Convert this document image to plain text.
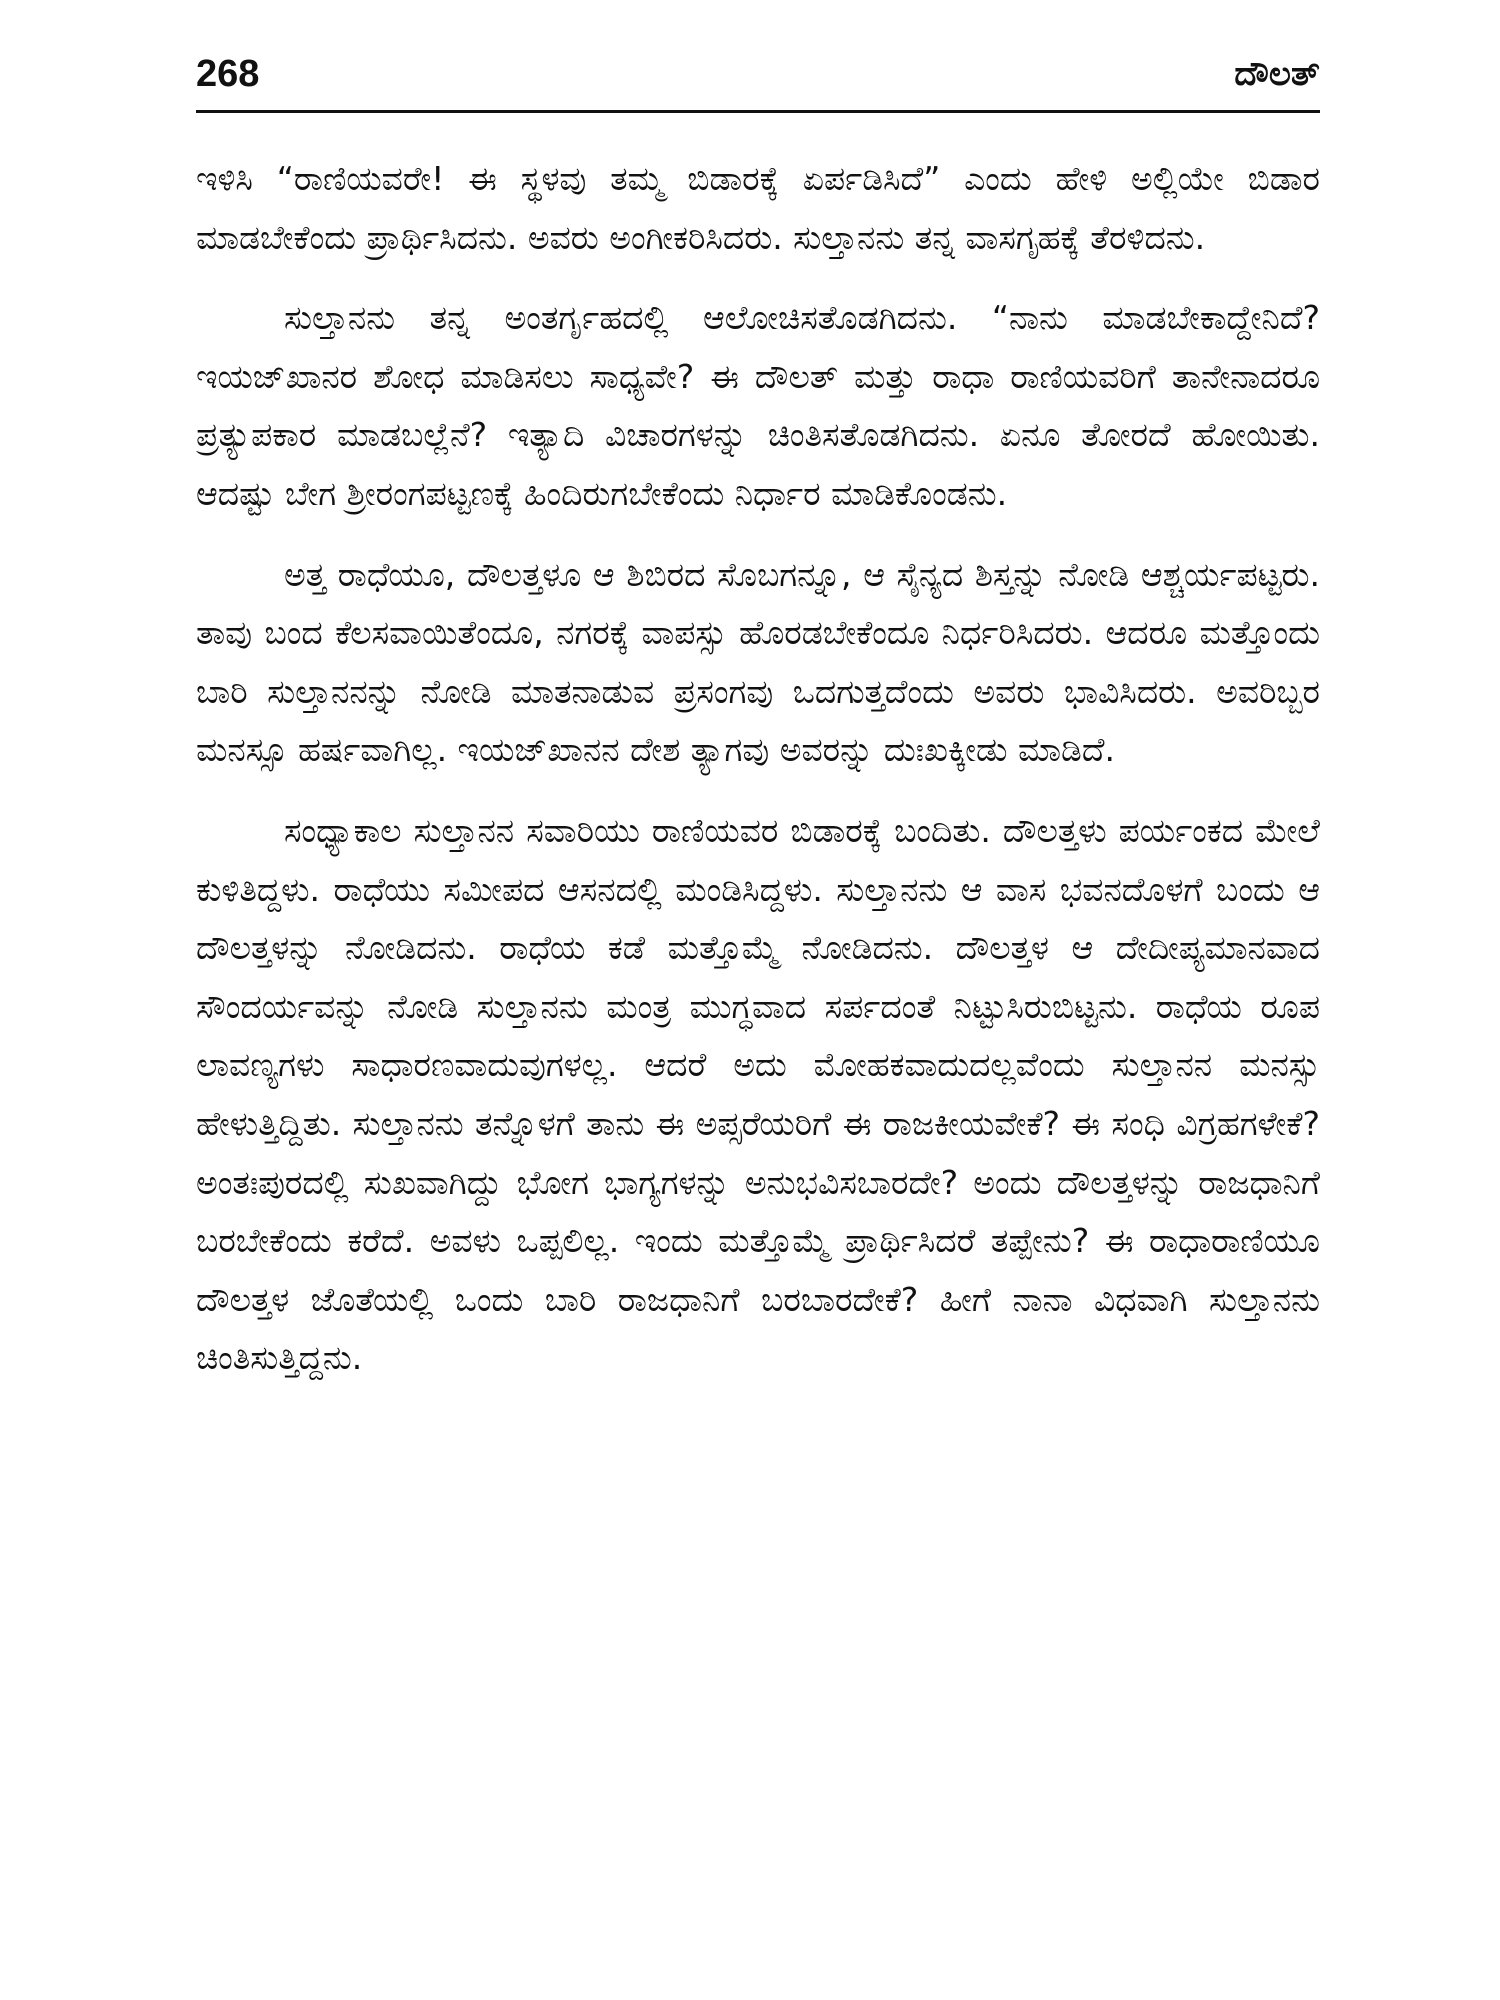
268	ದೌಲತ್

ಇಳಿಸಿ “ರಾಣಿಯವರೇ! ಈ ಸ್ಥಳವು ತಮ್ಮ ಬಿಡಾರಕ್ಕೆ ಏರ್ಪಡಿಸಿದೆ” ಎಂದು ಹೇಳಿ ಅಲ್ಲಿಯೇ ಬಿಡಾರ ಮಾಡಬೇಕೆಂದು ಪ್ರಾರ್ಥಿಸಿದನು. ಅವರು ಅಂಗೀಕರಿಸಿದರು. ಸುಲ್ತಾನನು ತನ್ನ ವಾಸಗೃಹಕ್ಕೆ ತೆರಳಿದನು.

ಸುಲ್ತಾನನು ತನ್ನ ಅಂತರ್ಗೃಹದಲ್ಲಿ ಆಲೋಚಿಸತೊಡಗಿದನು. “ನಾನು ಮಾಡಬೇಕಾದ್ದೇನಿದೆ? ಇಯಜ್‌ಖಾನರ ಶೋಧ ಮಾಡಿಸಲು ಸಾಧ್ಯವೇ? ಈ ದೌಲತ್ ಮತ್ತು ರಾಧಾ ರಾಣಿಯವರಿಗೆ ತಾನೇನಾದರೂ ಪ್ರತ್ಯುಪಕಾರ ಮಾಡಬಲ್ಲೆನೆ? ಇತ್ಯಾದಿ ವಿಚಾರಗಳನ್ನು ಚಿಂತಿಸತೊಡಗಿದನು. ಏನೂ ತೋರದೆ ಹೋಯಿತು. ಆದಷ್ಟು ಬೇಗ ಶ್ರೀರಂಗಪಟ್ಟಣಕ್ಕೆ ಹಿಂದಿರುಗಬೇಕೆಂದು ನಿರ್ಧಾರ ಮಾಡಿಕೊಂಡನು.

ಅತ್ತ ರಾಧೆಯೂ, ದೌಲತ್ತಳೂ ಆ ಶಿಬಿರದ ಸೊಬಗನ್ನೂ, ಆ ಸೈನ್ಯದ ಶಿಸ್ತನ್ನು ನೋಡಿ ಆಶ್ಚರ್ಯಪಟ್ಟರು. ತಾವು ಬಂದ ಕೆಲಸವಾಯಿತೆಂದೂ, ನಗರಕ್ಕೆ ವಾಪಸ್ಸು ಹೊರಡಬೇಕೆಂದೂ ನಿರ್ಧರಿಸಿದರು. ಆದರೂ ಮತ್ತೊಂದು ಬಾರಿ ಸುಲ್ತಾನನನ್ನು ನೋಡಿ ಮಾತನಾಡುವ ಪ್ರಸಂಗವು ಒದಗುತ್ತದೆಂದು ಅವರು ಭಾವಿಸಿದರು. ಅವರಿಬ್ಬರ ಮನಸ್ಸೂ ಹರ್ಷವಾಗಿಲ್ಲ. ಇಯಜ್‌ಖಾನನ ದೇಶ ತ್ಯಾಗವು ಅವರನ್ನು ದುಃಖಕ್ಕೀಡು ಮಾಡಿದೆ.

ಸಂಧ್ಯಾಕಾಲ ಸುಲ್ತಾನನ ಸವಾರಿಯು ರಾಣಿಯವರ ಬಿಡಾರಕ್ಕೆ ಬಂದಿತು. ದೌಲತ್ತಳು ಪರ್ಯಂಕದ ಮೇಲೆ ಕುಳಿತಿದ್ದಳು. ರಾಧೆಯು ಸಮೀಪದ ಆಸನದಲ್ಲಿ ಮಂಡಿಸಿದ್ದಳು. ಸುಲ್ತಾನನು ಆ ವಾಸ ಭವನದೊಳಗೆ ಬಂದು ಆ ದೌಲತ್ತಳನ್ನು ನೋಡಿದನು. ರಾಧೆಯ ಕಡೆ ಮತ್ತೊಮ್ಮೆ ನೋಡಿದನು. ದೌಲತ್ತಳ ಆ ದೇದೀಪ್ಯಮಾನವಾದ ಸೌಂದರ್ಯವನ್ನು ನೋಡಿ ಸುಲ್ತಾನನು ಮಂತ್ರ ಮುಗ್ಧವಾದ ಸರ್ಪದಂತೆ ನಿಟ್ಟುಸಿರುಬಿಟ್ಟನು. ರಾಧೆಯ ರೂಪ ಲಾವಣ್ಯಗಳು ಸಾಧಾರಣವಾದುವುಗಳಲ್ಲ. ಆದರೆ ಅದು ಮೋಹಕವಾದುದಲ್ಲವೆಂದು ಸುಲ್ತಾನನ ಮನಸ್ಸು ಹೇಳುತ್ತಿದ್ದಿತು. ಸುಲ್ತಾನನು ತನ್ನೊಳಗೆ ತಾನು ಈ ಅಪ್ಸರೆಯರಿಗೆ ಈ ರಾಜಕೀಯವೇಕೆ? ಈ ಸಂಧಿ ವಿಗ್ರಹಗಳೇಕೆ? ಅಂತಃಪುರದಲ್ಲಿ ಸುಖವಾಗಿದ್ದು ಭೋಗ ಭಾಗ್ಯಗಳನ್ನು ಅನುಭವಿಸಬಾರದೇ? ಅಂದು ದೌಲತ್ತಳನ್ನು ರಾಜಧಾನಿಗೆ ಬರಬೇಕೆಂದು ಕರೆದೆ. ಅವಳು ಒಪ್ಪಲಿಲ್ಲ. ಇಂದು ಮತ್ತೊಮ್ಮೆ ಪ್ರಾರ್ಥಿಸಿದರೆ ತಪ್ಪೇನು? ಈ ರಾಧಾರಾಣಿಯೂ ದೌಲತ್ತಳ ಜೊತೆಯಲ್ಲಿ ಒಂದು ಬಾರಿ ರಾಜಧಾನಿಗೆ ಬರಬಾರದೇಕೆ? ಹೀಗೆ ನಾನಾ ವಿಧವಾಗಿ ಸುಲ್ತಾನನು ಚಿಂತಿಸುತ್ತಿದ್ದನು.
